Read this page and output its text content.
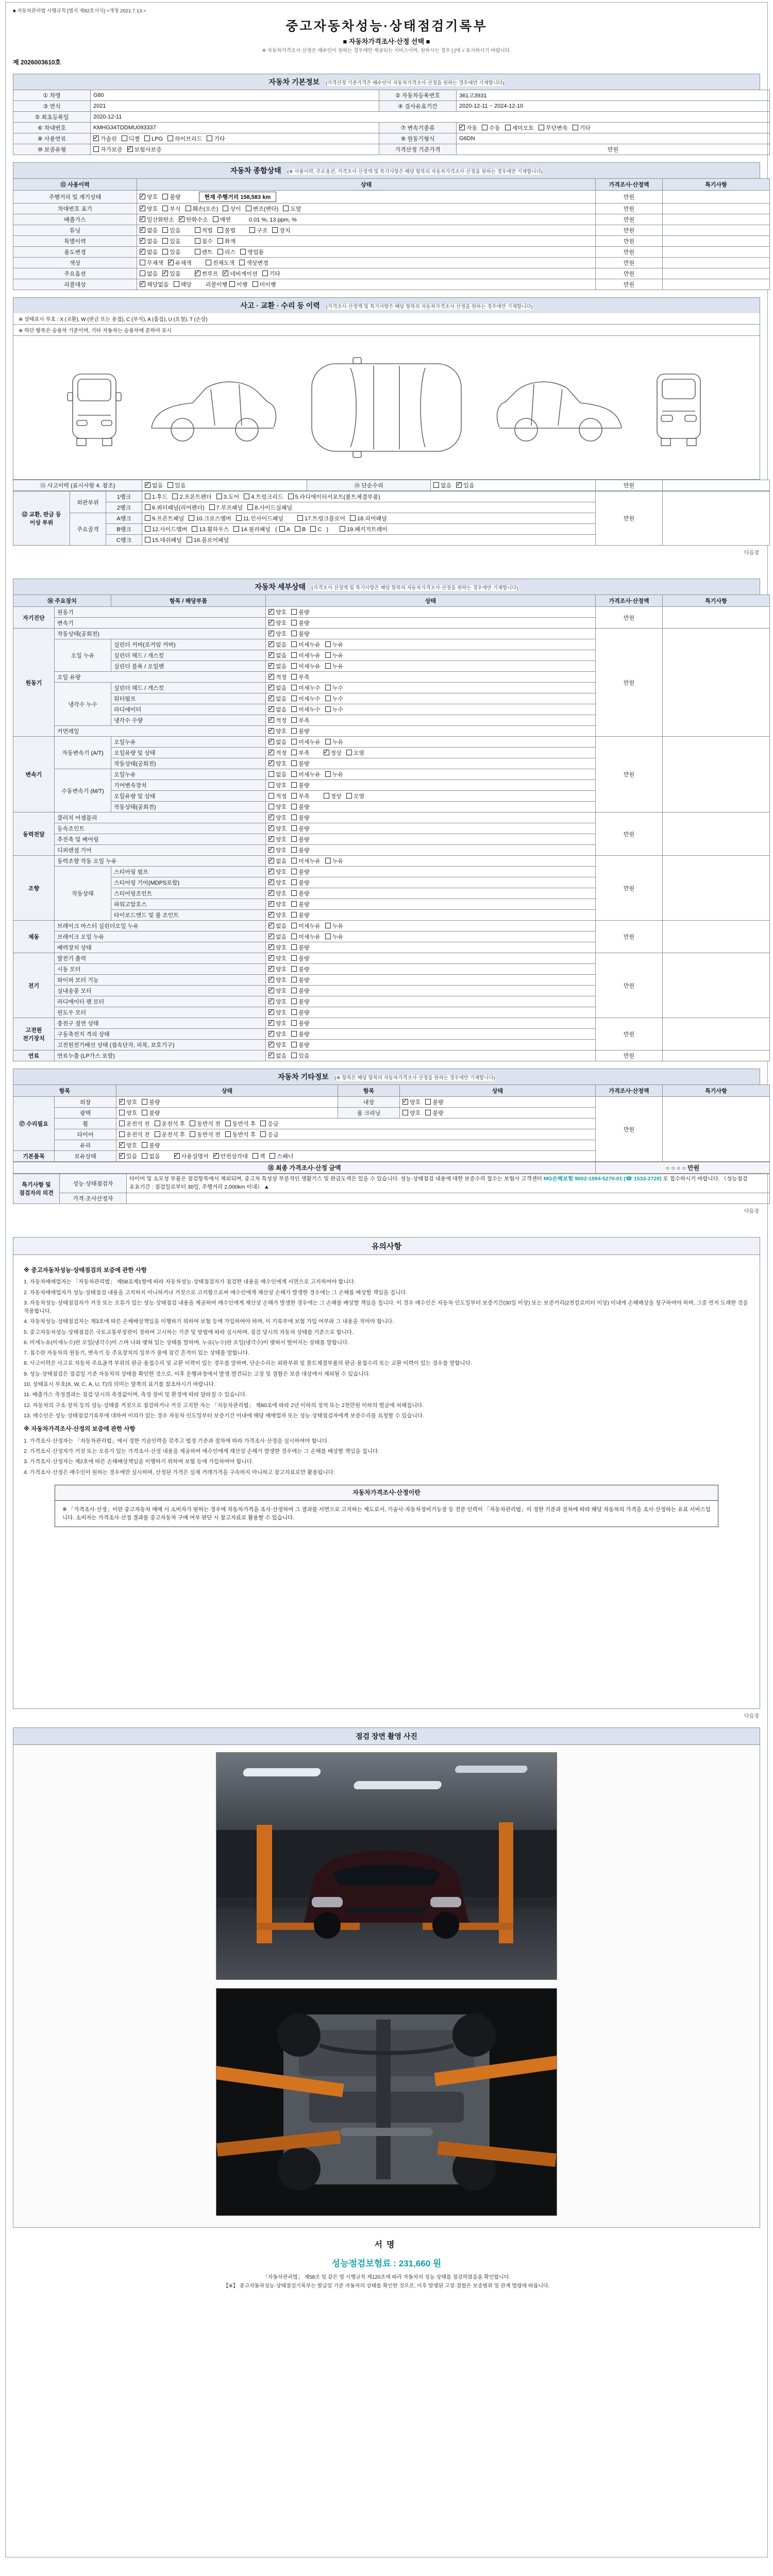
■ 자동차관리법 시행규칙 [별지 제82호서식] <개정 2021.7.13.>
중고자동차성능·상태점검기록부
■ 자동차가격조사·산정 선택 ■
※ 자동차가격조사·산정은 매수인이 원하는 경우에만 제공되는 서비스이며, 원하시는 경우 [ ]에 √ 표시하시기 바랍니다.
제 2026003610호
자동차 기본정보 (가격산정 기준가격은 매수인이 자동차가격조사·산정을 원하는 경우에만 기재합니다)
① 차명	G80	② 자동차등록번호	361고3931
③ 연식	2021	④ 검사유효기간	2020-12-11 ~ 2024-12-10
⑤ 최초등록일	2020-12-11		
⑥ 차대번호	KMHG34TDDMU093337	⑦ 변속기종류	✓자동 수동 세미오토 무단변속 기타
⑧ 사용연료	✓가솔린 디젤 LPG 하이브리드 기타	⑨ 원동기형식	G6DN
⑩ 보증유형	자가보증 ✓ 보험사보증	가격산정 기준가격	만원
자동차 종합상태 (※ 사용이력, 주요옵션, 가격조사·산정액 및 특기사항은 해당 항목의 자동차가격조사·산정을 원하는 경우에만 기재합니다)
⑪ 사용이력	상태	가격조사·산정액	특기사항
주행거리 및 계기상태	✓양호 불량 현재 주행거리 158,583 km	만원	
차대번호 표기	✓양호 부식 훼손(오손) 상이 변조(변타) 도말	만원	
배출가스	✓일산화탄소 ✓ 탄화수소 매연 0.01 %, 13 ppm, %	만원	
튜닝	✓없음 있음 적법 불법 구조 장치	만원	
특별이력	✓없음 있음 침수 화재	만원	
용도변경	✓없음 있음 렌트 리스 영업용	만원	
색상	무채색 ✓ 유채색 전체도색 색상변경	만원	
주요옵션	없음 ✓ 있음 ✓ 썬루프 ✓ 네비게이션 기타	만원	
리콜대상	✓해당없음 해당 리콜이행 이행 미이행	만원	
사고 · 교환 · 수리 등 이력 (가격조사·산정액 및 특기사항은 해당 항목의 자동차가격조사·산정을 원하는 경우에만 기재합니다)
※ 상태표시 부호 : X (교환), W (판금 또는 용접), C (부식), A (흠집), U (요철), T (손상)
※ 하단 항목은 승용차 기준이며, 기타 자동차는 승용차에 준하여 표시
⑬ 사고이력 (표시사항 4. 참조)	✓없음 있음	⑭ 단순수리	없음 ✓ 있음	만원	
⑫ 교환, 판금 등 이상 부위	외판부위	1랭크	1.후드 2.프론트펜더 3.도어 4.트렁크리드 5.라디에이터서포트(볼트체결부품)	만원	
		2랭크	6.쿼터패널(리어펜더) 7.루프패널 8.사이드실패널		
	주요골격	A랭크	9.프론트패널 10.크로스멤버 11.인사이드패널 17.트렁크플로어 18.리어패널		
		B랭크	12.사이드멤버 13.휠하우스 14.필러패널 ( A B C ) 19.패키지트레이		
		C랭크	15.대쉬패널 16.플로어패널		
다음장
자동차 세부상태 (가격조사·산정액 및 특기사항은 해당 항목의 자동차가격조사·산정을 원하는 경우에만 기재합니다)
⑯ 주요장치		항목 / 해당부품	상태	가격조사·산정액	특기사항
자기진단	원동기	✓양호 불량	만원	
	변속기	✓양호 불량
원동기	작동상태(공회전)	✓양호 불량	만원	
	오일 누유	실린더 커버(로커암 커버)	✓없음 미세누유 누유
		실린더 헤드 / 개스킷	✓없음 미세누유 누유
		실린더 블록 / 오일팬	✓없음 미세누유 누유
	오일 유량	✓적정 부족
	냉각수 누수	실린더 헤드 / 개스킷	✓없음 미세누수 누수
		워터펌프	✓없음 미세누수 누수
		라디에이터	✓없음 미세누수 누수
		냉각수 수량	✓적정 부족
	커먼레일	✓양호 불량
변속기	자동변속기 (A/T)	오일누유	✓없음 미세누유 누유	만원	
		오일유량 및 상태	✓적정 부족 ✓ 정상 오염
		작동상태(공회전)	✓양호 불량
	수동변속기 (M/T)	오일누유	없음 미세누유 누유		
		기어변속장치	양호 불량		
		오일유량 및 상태	적정 부족 정상 오염		
		작동상태(공회전)	양호 불량		
동력전달	클러치 어셈블리	✓양호 불량	만원	
	등속조인트	✓양호 불량
	추진축 및 베어링	✓양호 불량
	디퍼렌셜 기어	✓양호 불량
조향	동력조향 작동 오일 누유	✓없음 미세누유 누유	만원	
	작동상태	스티어링 펌프	✓양호 불량
		스티어링 기어(MDPS포함)	✓양호 불량
		스티어링조인트	✓양호 불량
		파워고압호스	✓양호 불량
		타이로드엔드 및 볼 조인트	✓양호 불량
제동	브레이크 마스터 실린더오일 누유	✓없음 미세누유 누유	만원	
	브레이크 오일 누유	✓없음 미세누유 누유
	배력장치 상태	✓양호 불량
전기	발전기 출력	✓양호 불량	만원	
	시동 모터	✓양호 불량
	와이퍼 모터 기능	✓양호 불량
	실내송풍 모터	✓양호 불량
	라디에이터 팬 모터	✓양호 불량
	윈도우 모터	✓양호 불량
고전원 전기장치	충전구 절연 상태	✓양호 불량	만원	
	구동축전지 격리 상태	✓양호 불량
	고전원전기배선 상태 (접속단자, 피복, 보호기구)	✓양호 불량
연료	연료누출 (LP가스 포함)	✓없음 있음	만원	
자동차 기타정보 (※ 항목은 해당 항목의 자동차가격조사·산정을 원하는 경우에만 기재합니다)
항목		상태	항목	상태	가격조사·산정액	특기사항
⑰ 수리필요	외장	✓양호 불량	내장	✓양호 불량	만원	
	광택	양호 불량	룸 크리닝	양호 불량		
	휠	운전석 전 운전석 후 동반석 전 동반석 후 응급				
	타이어	운전석 전 운전석 후 동반석 전 동반석 후 응급				
	유리	✓양호 불량
기본품목	보유상태	✓있음 없음 ✓ 사용설명서 ✓ 안전삼각대 잭 스패너
⑱ 최종 가격조사·산정 금액	○ ○ ○ ○ 만원
특기사항 및 점검자의 의견	성능·상태점검자	타이어 및 소모성 부품은 점검항목에서 제외되며, 중고차 특성상 부분적인 생활기스 및 판금도색은 있을 수 있습니다. 성능·상태점검 내용에 대한 보증수리 접수는 보험사 고객센터 MG손해보험 9002-1994-5270-01 (☎ 1533-2728) 로 접수하시기 바랍니다. 《성능점검 유효기간 : 점검일로부터 30일, 주행거리 2,000km 이내》 ▲
	가격·조사산정자	
다음장
유의사항
※ 중고자동차성능·상태점검의 보증에 관한 사항
1. 자동차매매업자는 「자동차관리법」 제58조제1항에 따라 자동차성능·상태점검자가 점검한 내용을 매수인에게 서면으로 고지하여야 합니다.
2. 자동차매매업자가 성능·상태점검 내용을 고지하지 아니하거나 거짓으로 고지함으로써 매수인에게 재산상 손해가 발생한 경우에는 그 손해를 배상할 책임을 집니다.
3. 자동차성능·상태점검자가 거짓 또는 오류가 있는 성능·상태점검 내용을 제공하여 매수인에게 재산상 손해가 발생한 경우에는 그 손해를 배상할 책임을 집니다. 이 경우 매수인은 자동차 인도일부터 보증기간(30일 이상) 또는 보증거리(2천킬로미터 이상) 이내에 손해배상을 청구하여야 하며, 그중 먼저 도래한 것을 적용합니다.
4. 자동차성능·상태점검자는 제3호에 따른 손해배상책임을 이행하기 위하여 보험 등에 가입하여야 하며, 이 기록부에 보험 가입 여부와 그 내용을 적어야 합니다.
5. 중고자동차성능·상태점검은 국토교통부장관이 정하여 고시하는 기준 및 방법에 따라 실시하며, 점검 당시의 자동차 상태를 기준으로 합니다.
6. 미세누유(미세누수)란 오일(냉각수)이 스며 나와 맺혀 있는 상태를 말하며, 누유(누수)란 오일(냉각수)이 맺혀서 떨어지는 상태를 말합니다.
7. 침수란 자동차의 원동기, 변속기 등 주요장치의 일부가 물에 잠긴 흔적이 있는 상태를 말합니다.
8. 사고이력은 사고로 자동차 주요골격 부위의 판금·용접수리 및 교환 이력이 있는 경우를 말하며, 단순수리는 외판부위 및 볼트체결부품의 판금·용접수리 또는 교환 이력이 있는 경우를 말합니다.
9. 성능·상태점검은 점검일 기준 자동차의 상태를 확인한 것으로, 이후 운행과정에서 발생·발견되는 고장 및 결함은 보증 대상에서 제외될 수 있습니다.
10. 상태표시 부호(X, W, C, A, U, T)의 의미는 앞쪽의 표기를 참조하시기 바랍니다.
11. 배출가스 측정결과는 점검 당시의 측정값이며, 측정 장비 및 환경에 따라 달라질 수 있습니다.
12. 자동차의 구조·장치 등의 성능·상태를 거짓으로 점검하거나 거짓 고지한 자는 「자동차관리법」 제80조에 따라 2년 이하의 징역 또는 2천만원 이하의 벌금에 처해집니다.
13. 매수인은 성능·상태점검기록부에 대하여 이의가 있는 경우 자동차 인도일부터 보증기간 이내에 해당 매매업자 또는 성능·상태점검자에게 보증수리를 요청할 수 있습니다.
※ 자동차가격조사·산정의 보증에 관한 사항
1. 가격조사·산정자는 「자동차관리법」에서 정한 기술인력을 갖추고 법정 기준과 절차에 따라 가격조사·산정을 실시하여야 합니다.
2. 가격조사·산정자가 거짓 또는 오류가 있는 가격조사·산정 내용을 제공하여 매수인에게 재산상 손해가 발생한 경우에는 그 손해를 배상할 책임을 집니다.
3. 가격조사·산정자는 제2호에 따른 손해배상책임을 이행하기 위하여 보험 등에 가입하여야 합니다.
4. 가격조사·산정은 매수인이 원하는 경우에만 실시하며, 산정된 가격은 실제 거래가격을 구속하지 아니하고 참고자료로만 활용됩니다.
자동차가격조사·산정이란
※ 「가격조사·산정」이란 중고자동차 매매 시 소비자가 원하는 경우에 자동차가격을 조사·산정하여 그 결과를 서면으로 고지하는 제도로서, 기술사·자동차정비기능장 등 전문 인력이 「자동차관리법」이 정한 기준과 절차에 따라 해당 자동차의 가격을 조사·산정하는 유료 서비스입니다. 소비자는 가격조사·산정 결과를 중고자동차 구매 여부 판단 시 참고자료로 활용할 수 있습니다.
다음장
점검 장면 촬영 사진
서명
성능점검보험료 : 231,660 원
「자동차관리법」 제58조 및 같은 법 시행규칙 제120조에 따라 자동차의 성능·상태를 점검하였음을 확인합니다.
【※】 중고자동차성능·상태점검기록부는 발급일 기준 자동차의 상태를 확인한 것으로, 이후 발생된 고장·결함은 보증범위 및 관계 법령에 따릅니다.
